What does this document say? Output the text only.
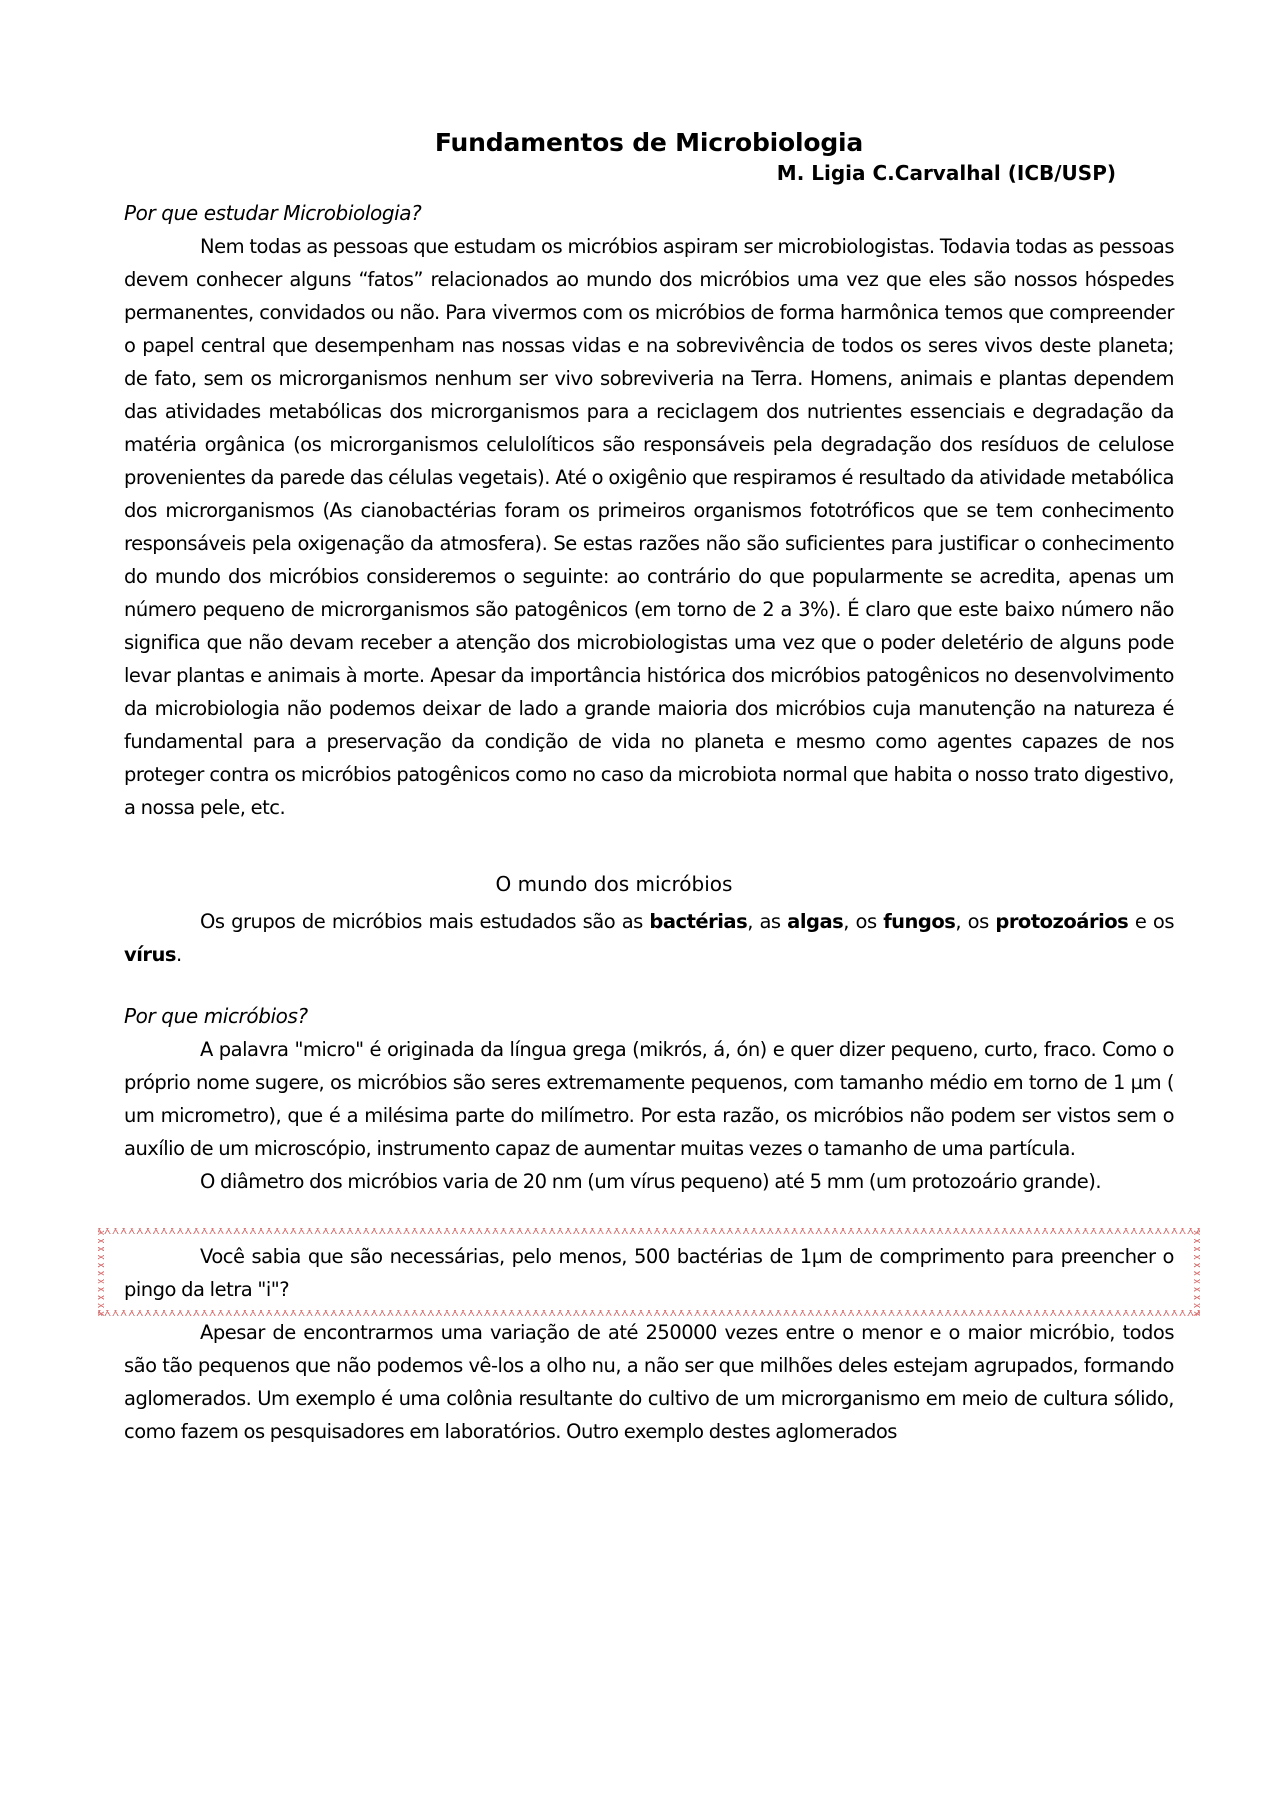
Fundamentos de Microbiologia
M. Ligia C.Carvalhal (ICB/USP)
Por que estudar Microbiologia?

Nem todas as pessoas que estudam os micróbios aspiram ser microbiologistas. Todavia todas as pessoas devem conhecer alguns “fatos” relacionados ao mundo dos micróbios uma vez que eles são nossos hóspedes permanentes, convidados ou não. Para vivermos com os micróbios de forma harmônica temos que compreender o papel central que desempenham nas nossas vidas e na sobrevivência de todos os seres vivos deste planeta; de fato, sem os microrganismos nenhum ser vivo sobreviveria na Terra. Homens, animais e plantas dependem das atividades metabólicas dos microrganismos para a reciclagem dos nutrientes essenciais e degradação da matéria orgânica (os microrganismos celulolíticos são responsáveis pela degradação dos resíduos de celulose provenientes da parede das células vegetais). Até o oxigênio que respiramos é resultado da atividade metabólica dos microrganismos (As cianobactérias foram os primeiros organismos fototróficos que se tem conhecimento responsáveis pela oxigenação da atmosfera). Se estas razões não são suficientes para justificar o conhecimento do mundo dos micróbios consideremos o seguinte: ao contrário do que popularmente se acredita, apenas um número pequeno de microrganismos são patogênicos (em torno de 2 a 3%). É claro que este baixo número não significa que não devam receber a atenção dos microbiologistas uma vez que o poder deletério de alguns pode levar plantas e animais à morte. Apesar da importância histórica dos micróbios patogênicos no desenvolvimento da microbiologia não podemos deixar de lado a grande maioria dos micróbios cuja manutenção na natureza é fundamental para a preservação da condição de vida no planeta e mesmo como agentes capazes de nos proteger contra os micróbios patogênicos como no caso da microbiota normal que habita o nosso trato digestivo, a nossa pele, etc.

O mundo dos micróbios

Os grupos de micróbios mais estudados são as bactérias, as algas, os fungos, os protozoários e os vírus.

Por que micróbios?

A palavra "micro" é originada da língua grega (mikrós, á, ón) e quer dizer pequeno, curto, fraco. Como o próprio nome sugere, os micróbios são seres extremamente pequenos, com tamanho médio em torno de 1 µm ( um micrometro), que é a milésima parte do milímetro. Por esta razão, os micróbios não podem ser vistos sem o auxílio de um microscópio, instrumento capaz de aumentar muitas vezes o tamanho de uma partícula.

O diâmetro dos micróbios varia de 20 nm (um vírus pequeno) até 5 mm (um protozoário grande).

Você sabia que são necessárias, pelo menos, 500 bactérias de 1µm de comprimento para preencher o pingo da letra "i"?

Apesar de encontrarmos uma variação de até 250000 vezes entre o menor e o maior micróbio, todos são tão pequenos que não podemos vê-los a olho nu, a não ser que milhões deles estejam agrupados, formando aglomerados. Um exemplo é uma colônia resultante do cultivo de um microrganismo em meio de cultura sólido, como fazem os pesquisadores em laboratórios. Outro exemplo destes aglomerados
